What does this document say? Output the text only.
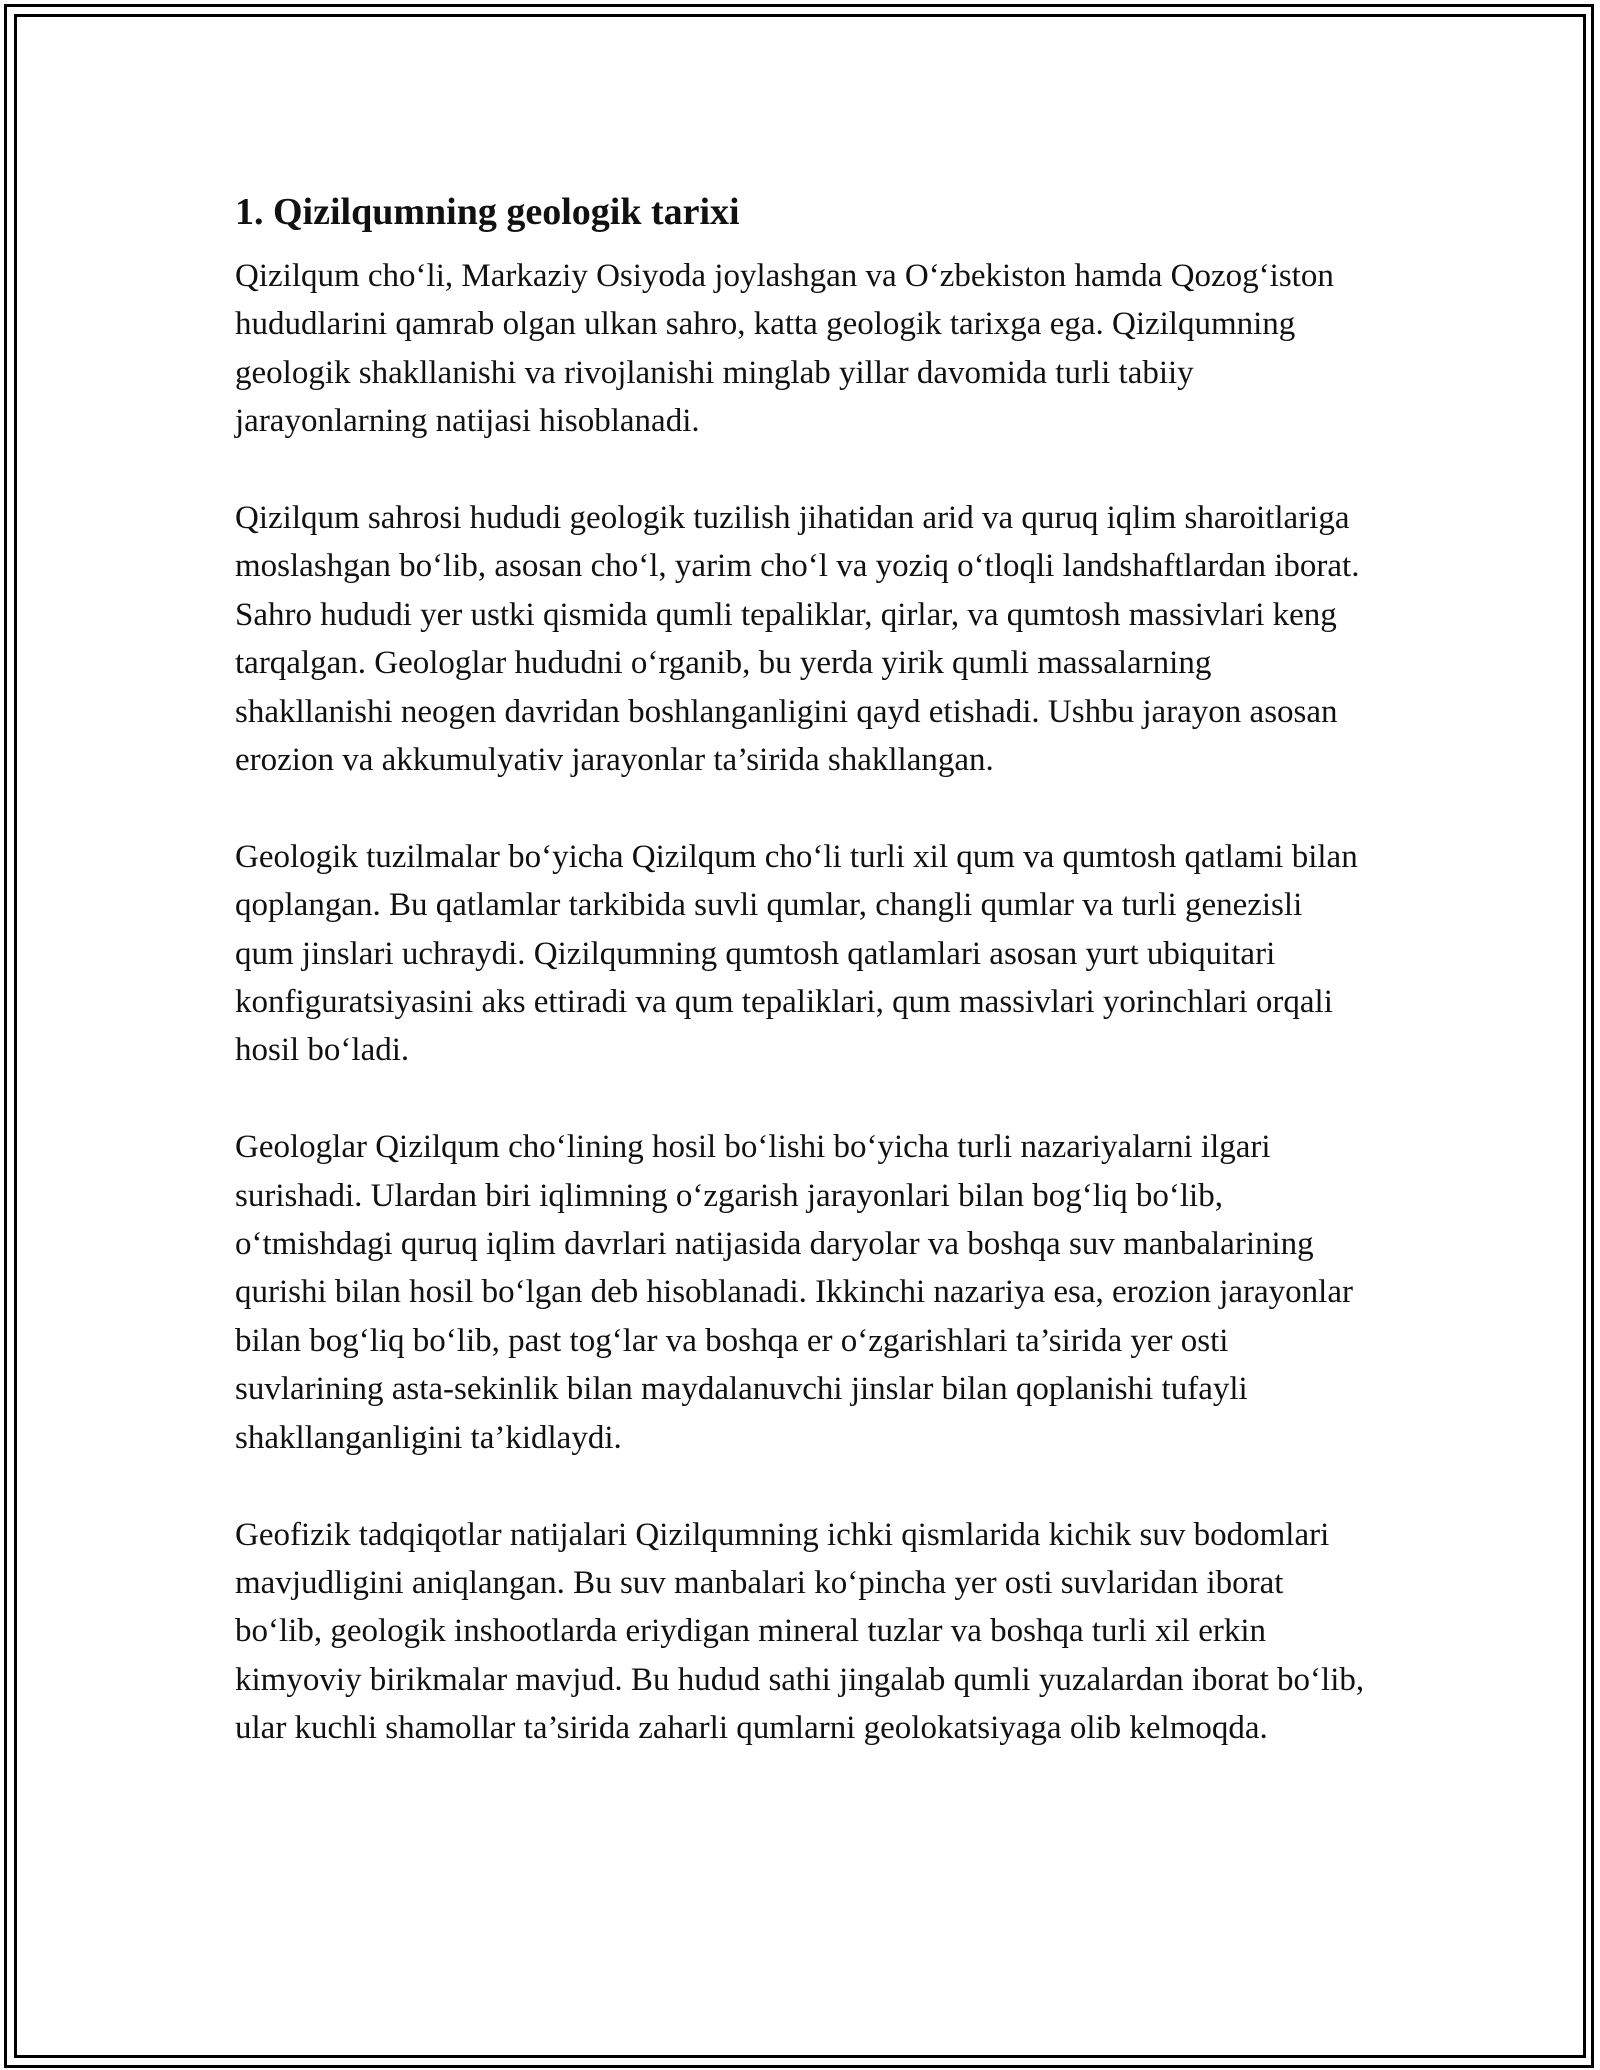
1. Qizilqumning geologik tarixi

Qizilqum cho‘li, Markaziy Osiyoda joylashgan va O‘zbekiston hamda Qozog‘iston hududlarini qamrab olgan ulkan sahro, katta geologik tarixga ega. Qizilqumning geologik shakllanishi va rivojlanishi minglab yillar davomida turli tabiiy jarayonlarning natijasi hisoblanadi.

Qizilqum sahrosi hududi geologik tuzilish jihatidan arid va quruq iqlim sharoitlariga moslashgan bo‘lib, asosan cho‘l, yarim cho‘l va yoziq o‘tloqli landshaftlardan iborat. Sahro hududi yer ustki qismida qumli tepaliklar, qirlar, va qumtosh massivlari keng tarqalgan. Geologlar hududni o‘rganib, bu yerda yirik qumli massalarning shakllanishi neogen davridan boshlanganligini qayd etishadi. Ushbu jarayon asosan erozion va akkumulyativ jarayonlar ta’sirida shakllangan.

Geologik tuzilmalar bo‘yicha Qizilqum cho‘li turli xil qum va qumtosh qatlami bilan qoplangan. Bu qatlamlar tarkibida suvli qumlar, changli qumlar va turli genezisli qum jinslari uchraydi. Qizilqumning qumtosh qatlamlari asosan yurt ubiquitari konfiguratsiyasini aks ettiradi va qum tepaliklari, qum massivlari yorinchlari orqali hosil bo‘ladi.

Geologlar Qizilqum cho‘lining hosil bo‘lishi bo‘yicha turli nazariyalarni ilgari surishadi. Ulardan biri iqlimning o‘zgarish jarayonlari bilan bog‘liq bo‘lib, o‘tmishdagi quruq iqlim davrlari natijasida daryolar va boshqa suv manbalarining qurishi bilan hosil bo‘lgan deb hisoblanadi. Ikkinchi nazariya esa, erozion jarayonlar bilan bog‘liq bo‘lib, past tog‘lar va boshqa er o‘zgarishlari ta’sirida yer osti suvlarining asta-sekinlik bilan maydalanuvchi jinslar bilan qoplanishi tufayli shakllanganligini ta’kidlaydi.

Geofizik tadqiqotlar natijalari Qizilqumning ichki qismlarida kichik suv bodomlari mavjudligini aniqlangan. Bu suv manbalari ko‘pincha yer osti suvlaridan iborat bo‘lib, geologik inshootlarda eriydigan mineral tuzlar va boshqa turli xil erkin kimyoviy birikmalar mavjud. Bu hudud sathi jingalab qumli yuzalardan iborat bo‘lib, ular kuchli shamollar ta’sirida zaharli qumlarni geolokatsiyaga olib kelmoqda.
